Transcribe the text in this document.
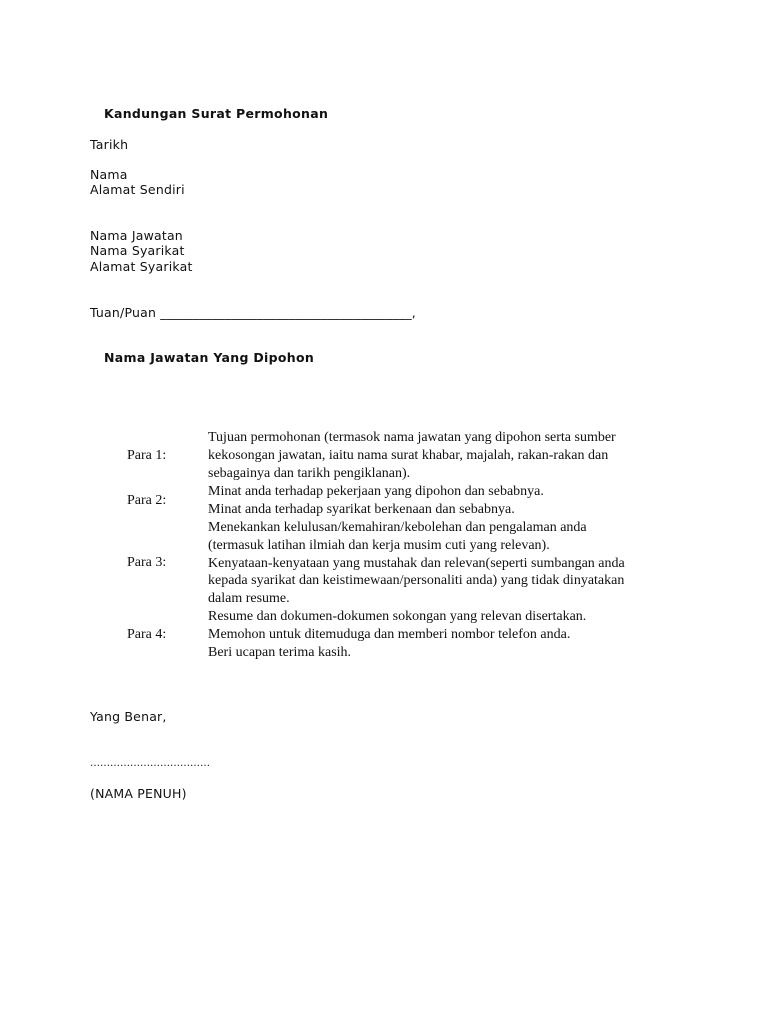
Kandungan Surat Permohonan
Tarikh
Nama
Alamat Sendiri
Nama Jawatan
Nama Syarikat
Alamat Syarikat
Tuan/Puan _______________________________________,
Nama Jawatan Yang Dipohon
Para 1:
Tujuan permohonan (termasok nama jawatan yang dipohon serta sumber
kekosongan jawatan, iaitu nama surat khabar, majalah, rakan-rakan dan
sebagainya dan tarikh pengiklanan).
Para 2:
Minat anda terhadap pekerjaan yang dipohon dan sebabnya.
Minat anda terhadap syarikat berkenaan dan sebabnya.
Para 3:
Menekankan kelulusan/kemahiran/kebolehan dan pengalaman anda
(termasuk latihan ilmiah dan kerja musim cuti yang relevan).
Kenyataan-kenyataan yang mustahak dan relevan(seperti sumbangan anda
kepada syarikat dan keistimewaan/personaliti anda) yang tidak dinyatakan
dalam resume.
Para 4:
Resume dan dokumen-dokumen sokongan yang relevan disertakan.
Memohon untuk ditemuduga dan memberi nombor telefon anda.
Beri ucapan terima kasih.
Yang Benar,
………………………………
(NAMA PENUH)
